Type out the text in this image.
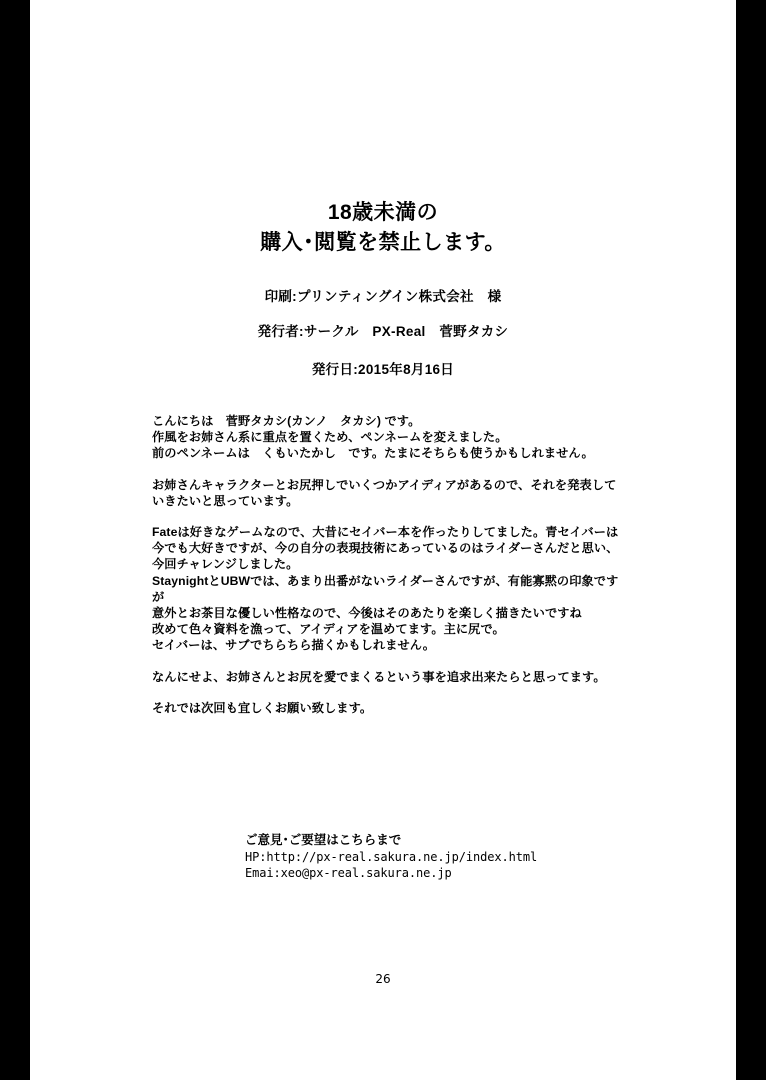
18歳未満の
購入･閲覧を禁止します。
印刷:プリンティングイン株式会社　様
発行者:サークル　PX-Real　菅野タカシ
発行日:2015年8月16日
こんにちは　菅野タカシ(カンノ　タカシ) です。
作風をお姉さん系に重点を置くため、ペンネームを変えました。
前のペンネームは　くもいたかし　です。たまにそちらも使うかもしれません。
お姉さんキャラクターとお尻押しでいくつかアイディアがあるので、それを発表して
いきたいと思っています。
Fateは好きなゲームなので、大昔にセイバー本を作ったりしてました。青セイバーは
今でも大好きですが、今の自分の表現技術にあっているのはライダーさんだと思い、
今回チャレンジしました。
StaynightとUBWでは、あまり出番がないライダーさんですが、有能寡黙の印象ですが
意外とお茶目な優しい性格なので、今後はそのあたりを楽しく描きたいですね
改めて色々資料を漁って、アイディアを温めてます。主に尻で。
セイバーは、サブでちらちら描くかもしれません。
なんにせよ、お姉さんとお尻を愛でまくるという事を追求出来たらと思ってます。
それでは次回も宜しくお願い致します。
ご意見･ご要望はこちらまで
HP:http://px-real.sakura.ne.jp/index.html
Emai:xeo@px-real.sakura.ne.jp
26
